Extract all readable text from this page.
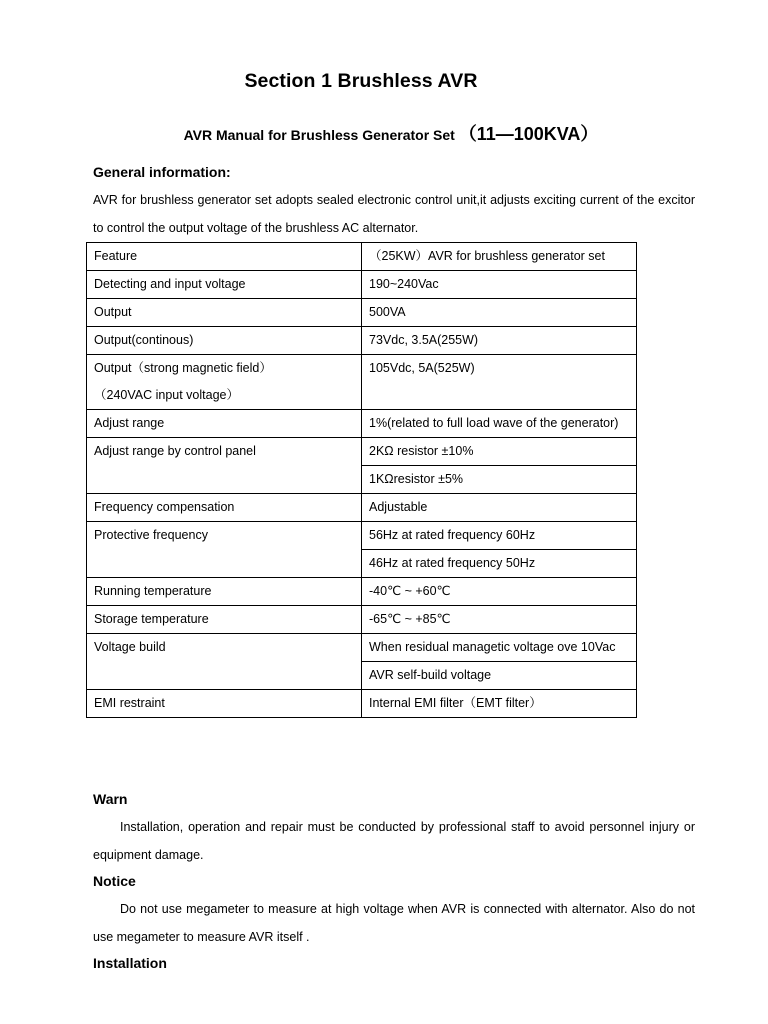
Section 1 Brushless AVR
AVR Manual for Brushless Generator Set （11—100KVA）
General information:
AVR for brushless generator set adopts sealed electronic control unit,it adjusts exciting current of the excitor to control the output voltage of the brushless AC alternator.
Feature	（25KW）AVR for brushless generator set
Detecting and input voltage	190~240Vac
Output	500VA
Output(continous)	73Vdc, 3.5A(255W)

Output（strong magnetic field）
（240VAC input voltage）	105Vdc, 5A(525W)
Adjust range	1%(related to full load wave of the generator)
Adjust range by control panel	2KΩ resistor ±10%
	1KΩresistor ±5%
Frequency compensation	Adjustable
Protective frequency	56Hz at rated frequency 60Hz
	46Hz at rated frequency 50Hz
Running temperature	-40℃ ~ +60℃
Storage temperature	-65℃ ~ +85℃
Voltage build	When residual managetic voltage ove 10Vac
	AVR self-build voltage
EMI restraint	Internal EMI filter（EMT filter）
Warn
Installation, operation and repair must be conducted by professional staff to avoid personnel injury or equipment damage.
Notice
Do not use megameter to measure at high voltage when AVR is connected with alternator. Also do not use megameter to measure AVR itself .
Installation
